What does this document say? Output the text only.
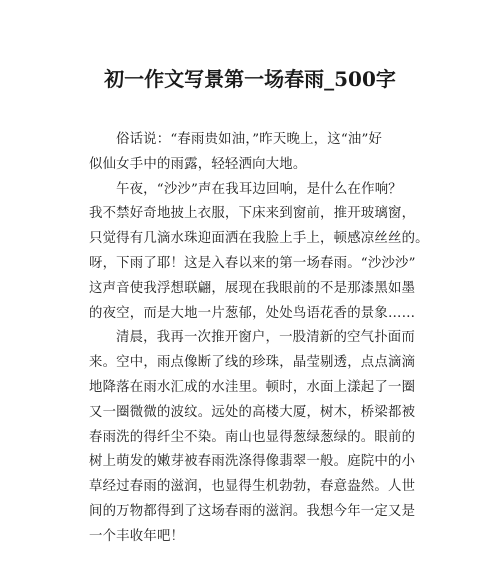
初一作文写景第一场春雨_500字
俗话说：“春雨贵如油，”昨天晚上，这“油”好
似仙女手中的雨露，轻轻洒向大地。
午夜，“沙沙”声在我耳边回响，是什么在作响？
我不禁好奇地披上衣服，下床来到窗前，推开玻璃窗，
只觉得有几滴水珠迎面洒在我脸上手上，顿感凉丝丝的。
呀，下雨了耶！这是入春以来的第一场春雨。“沙沙沙”
这声音使我浮想联翩，展现在我眼前的不是那漆黑如墨
的夜空，而是大地一片葱郁，处处鸟语花香的景象……
清晨，我再一次推开窗户，一股清新的空气扑面而
来。空中，雨点像断了线的珍珠，晶莹剔透，点点滴滴
地降落在雨水汇成的水洼里。顿时，水面上漾起了一圈
又一圈微微的波纹。远处的高楼大厦，树木，桥梁都被
春雨洗的得纤尘不染。南山也显得葱绿葱绿的。眼前的
树上萌发的嫩芽被春雨洗涤得像翡翠一般。庭院中的小
草经过春雨的滋润，也显得生机勃勃，春意盎然。人世
间的万物都得到了这场春雨的滋润。我想今年一定又是
一个丰收年吧！
